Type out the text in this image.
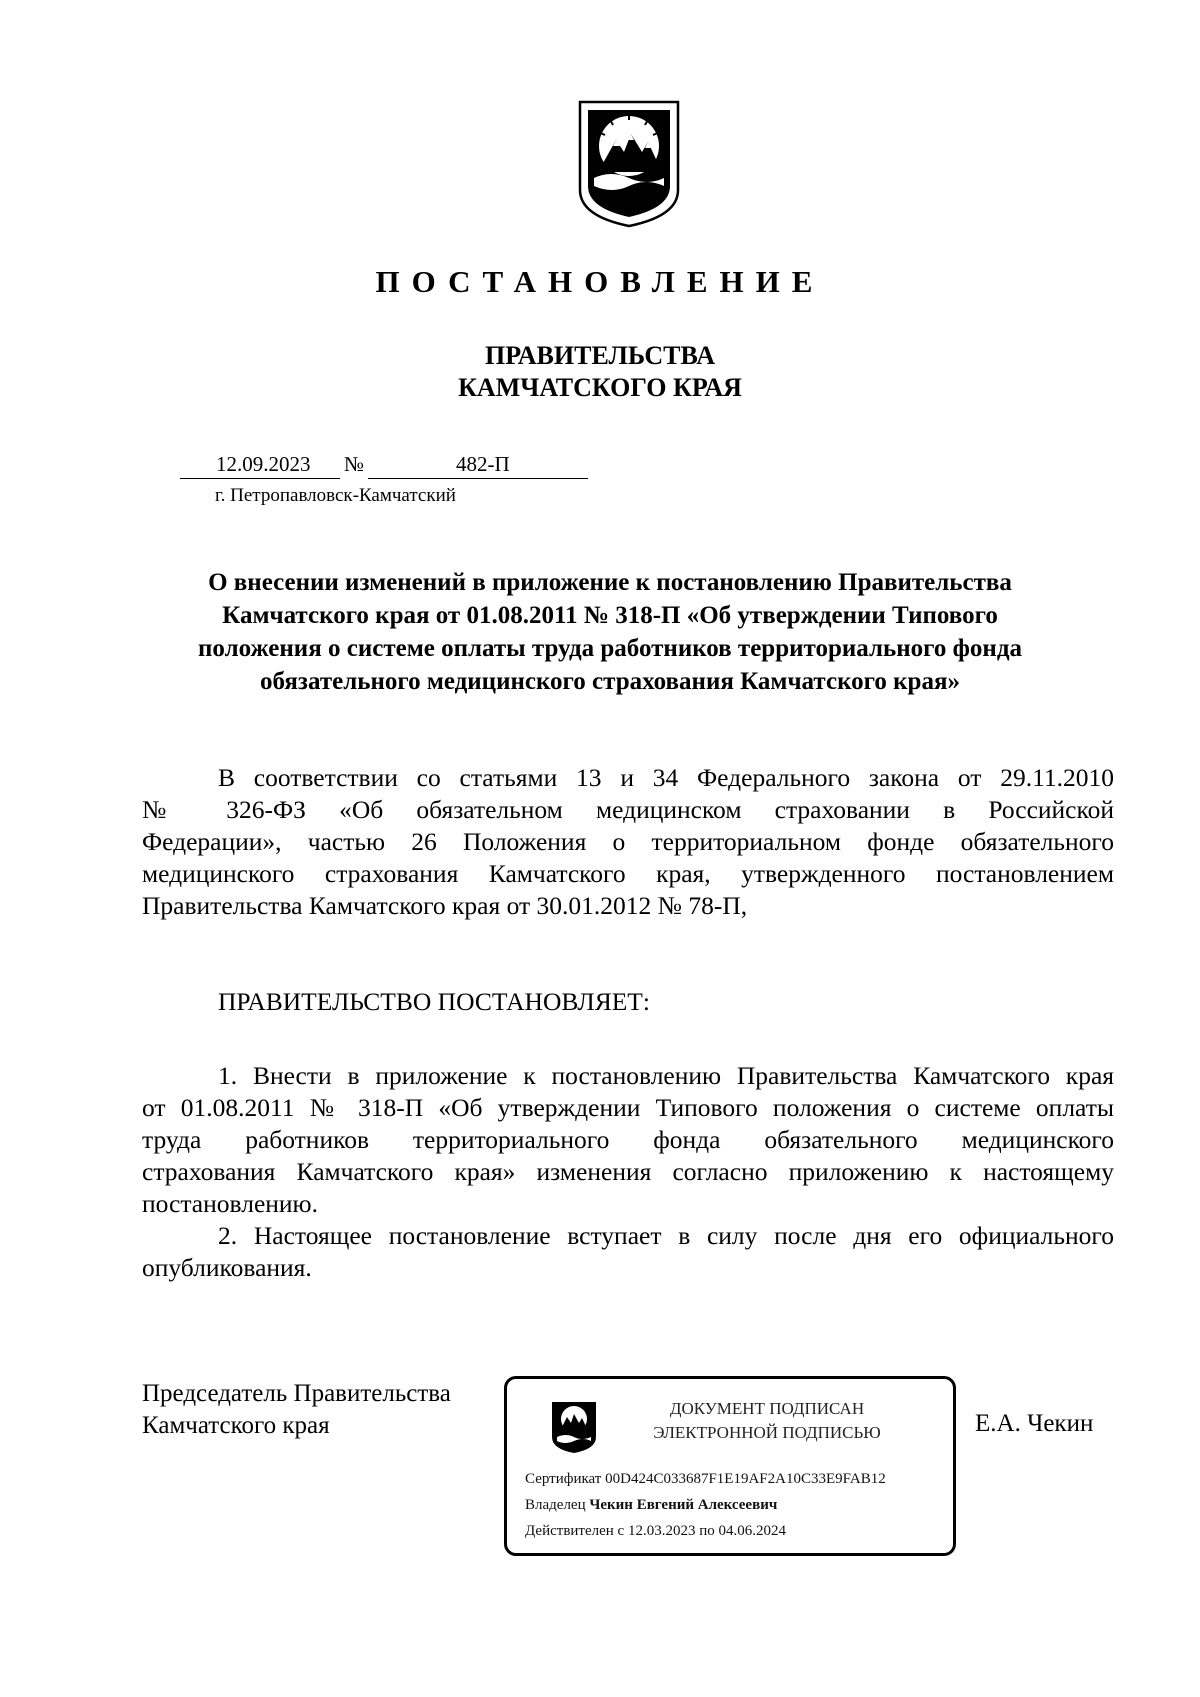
ПОСТАНОВЛЕНИЕ
ПРАВИТЕЛЬСТВА
КАМЧАТСКОГО КРАЯ
12.09.2023 №	482-П
г. Петропавловск-Камчатский
О внесении изменений в приложение к постановлению Правительства
Камчатского края от 01.08.2011 № 318-П «Об утверждении Типового
положения о системе оплаты труда работников территориального фонда
обязательного медицинского страхования Камчатского края»
В соответствии со статьями 13 и 34 Федерального закона от 29.11.2010
№ 326-ФЗ «Об обязательном медицинском страховании в Российской
Федерации», частью 26 Положения о территориальном фонде обязательного
медицинского страхования Камчатского края, утвержденного постановлением
Правительства Камчатского края от 30.01.2012 № 78-П,
ПРАВИТЕЛЬСТВО ПОСТАНОВЛЯЕТ:
1. Внести в приложение к постановлению Правительства Камчатского края
от 01.08.2011 № 318-П «Об утверждении Типового положения о системе оплаты
труда работников территориального фонда обязательного медицинского
страхования Камчатского края» изменения согласно приложению к настоящему
постановлению.
2. Настоящее постановление вступает в силу после дня его официального
опубликования.
Председатель Правительства
Камчатского края
ДОКУМЕНТ ПОДПИСАН
ЭЛЕКТРОННОЙ ПОДПИСЬЮ
Сертификат 00D424C033687F1E19AF2A10C33E9FAB12
Владелец Чекин Евгений Алексеевич
Действителен с 12.03.2023 по 04.06.2024
Е.А. Чекин
